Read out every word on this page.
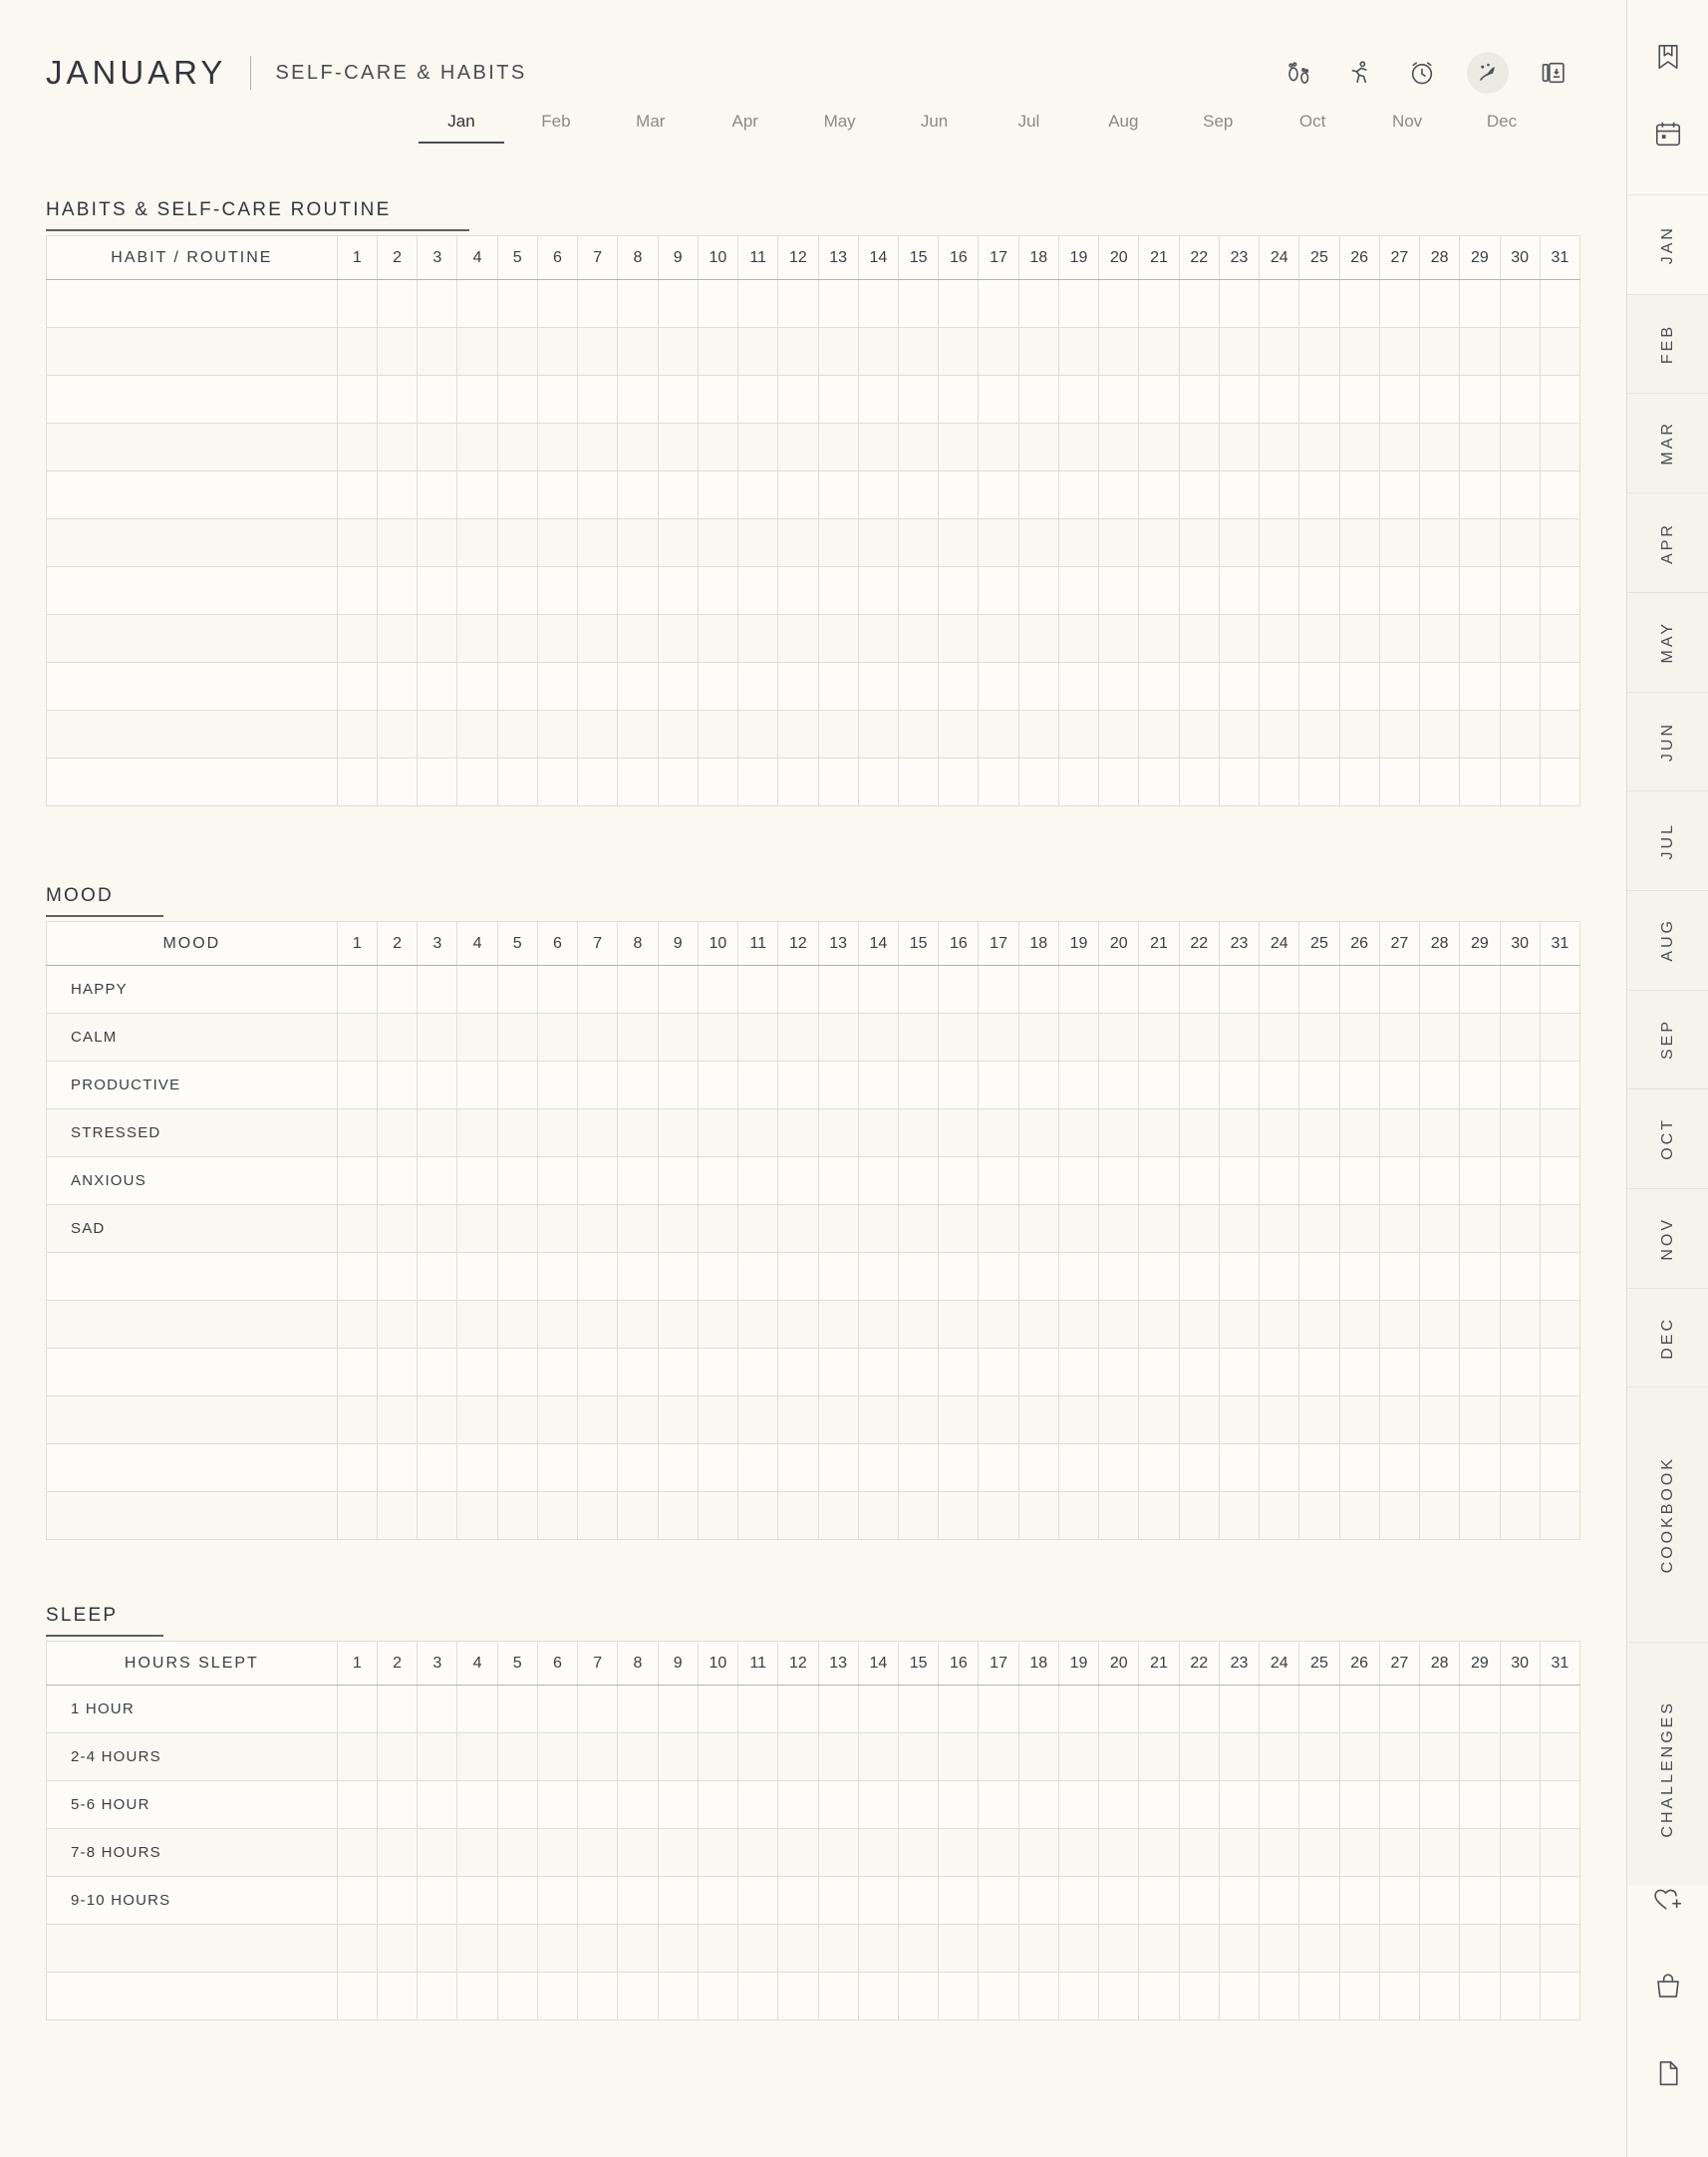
JANUARY SELF-CARE & HABITS
Jan	Feb	Mar	Apr	May	Jun	Jul	Aug	Sep	Oct	Nov	Dec
HABITS & SELF-CARE ROUTINE
HABIT / ROUTINE	1	2	3	4	5	6	7	8	9	10	11	12	13	14	15	16	17	18	19	20	21	22	23	24	25	26	27	28	29	30	31

MOOD
MOOD	1	2	3	4	5	6	7	8	9	10	11	12	13	14	15	16	17	18	19	20	21	22	23	24	25	26	27	28	29	30	31
HAPPY																															
CALM																															
PRODUCTIVE																															
STRESSED																															
ANXIOUS																															
SAD																															

SLEEP
HOURS SLEPT	1	2	3	4	5	6	7	8	9	10	11	12	13	14	15	16	17	18	19	20	21	22	23	24	25	26	27	28	29	30	31
1 HOUR																															
2-4 HOURS																															
5-6 HOUR																															
7-8 HOURS																															
9-10 HOURS																															

JAN
FEB
MAR
APR
MAY
JUN
JUL
AUG
SEP
OCT
NOV
DEC
COOKBOOK
CHALLENGES
